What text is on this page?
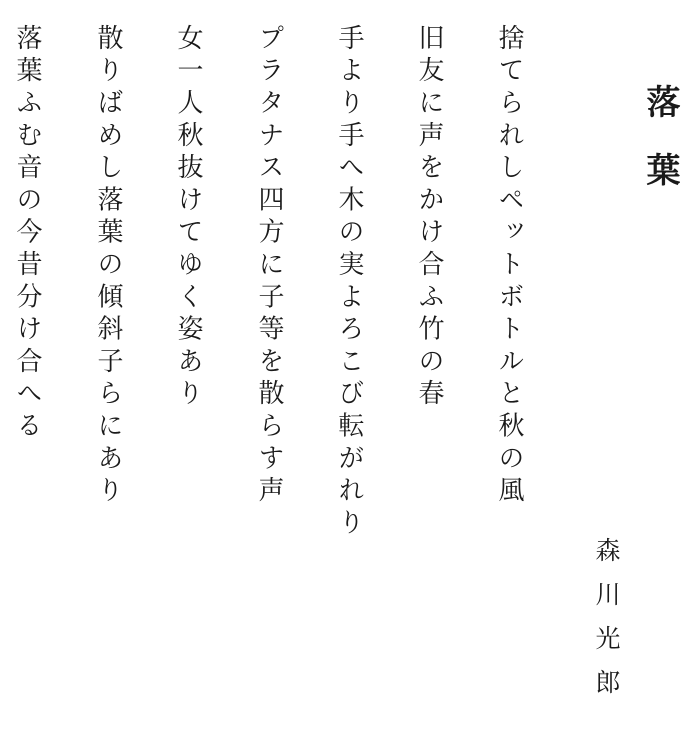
落葉
森川光郎
捨てられしペットボトルと秋の風
旧友に声をかけ合ふ竹の春
手より手へ木の実よろこび転がれり
プラタナス四方に子等を散らす声
女一人秋抜けてゆく姿あり
散りばめし落葉の傾斜子らにあり
落葉ふむ音の今昔分け合へる
